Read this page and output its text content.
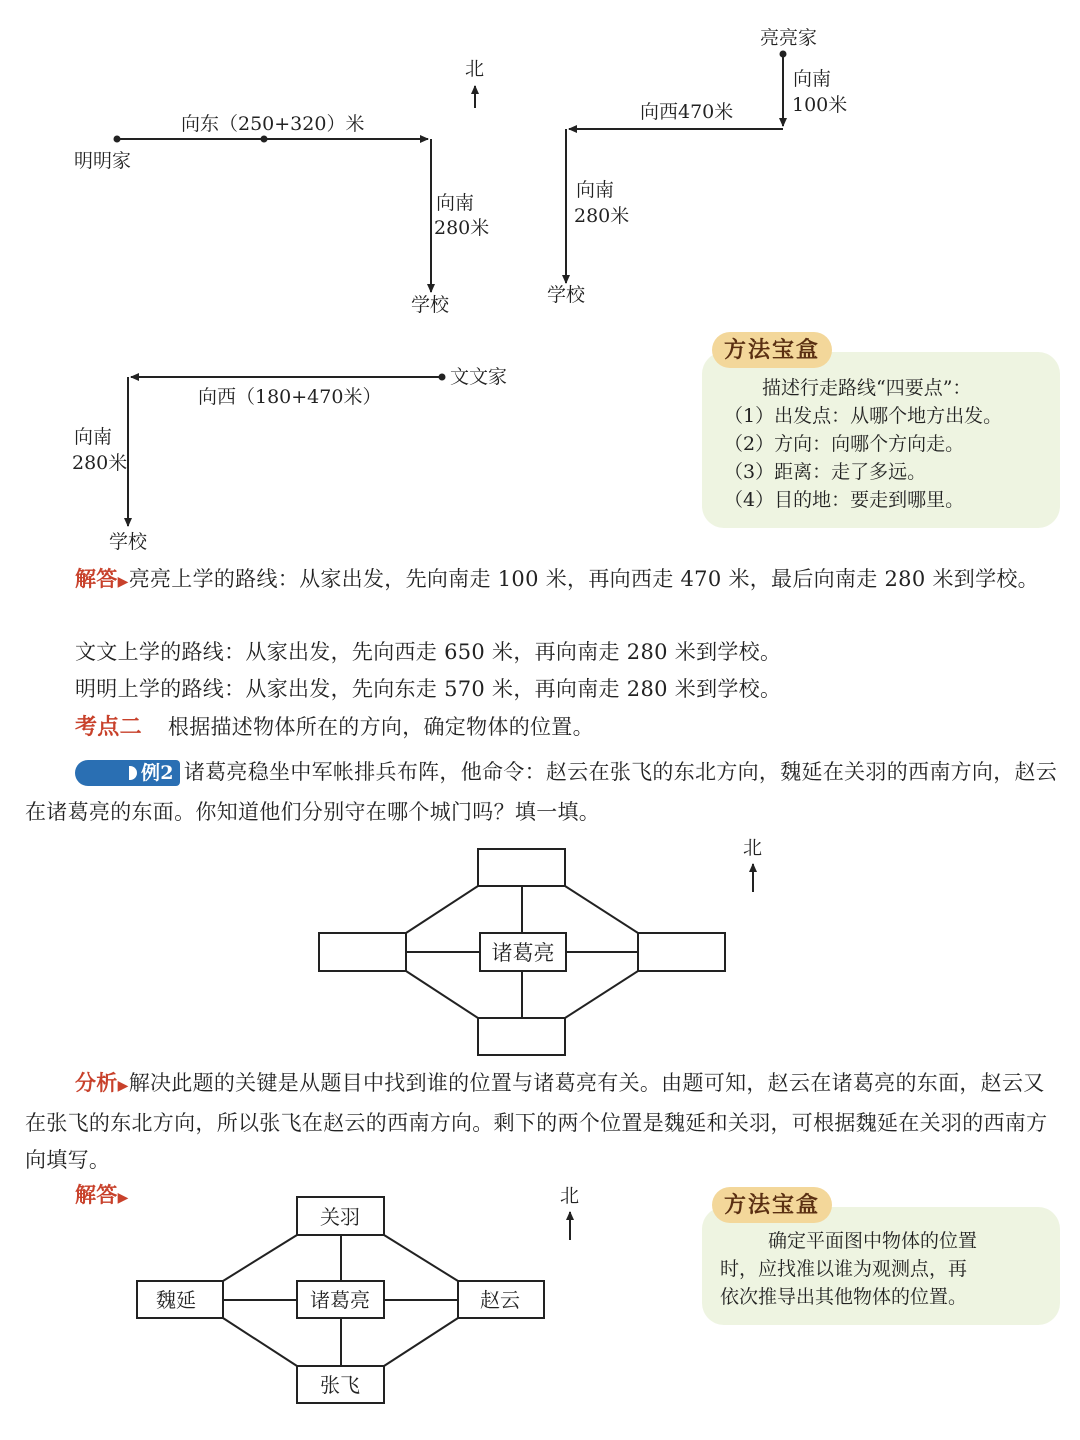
明明家
向东（250+320）米
向南
280米
学校
北
亮亮家
向南
100米
向西470米
向南
280米
学校
文文家
向西（180+470米）
向南
280米
学校
描述行走路线“四要点”：
（1）出发点：从哪个地方出发。
（2）方向：向哪个方向走。
（3）距离：走了多远。
（4）目的地：要走到哪里。
方法宝盒
解答▶亮亮上学的路线：从家出发，先向南走 100 米，再向西走 470 米，最后向南走 280 米到学校。
文文上学的路线：从家出发，先向西走 650 米，再向南走 280 米到学校。
明明上学的路线：从家出发，先向东走 570 米，再向南走 280 米到学校。
考点二 根据描述物体所在的方向，确定物体的位置。
例2 诸葛亮稳坐中军帐排兵布阵，他命令：赵云在张飞的东北方向，魏延在关羽的西南方向，赵云在诸葛亮的东面。你知道他们分别守在哪个城门吗？填一填。
诸葛亮
北
分析▶解决此题的关键是从题目中找到谁的位置与诸葛亮有关。由题可知，赵云在诸葛亮的东面，赵云又在张飞的东北方向，所以张飞在赵云的西南方向。剩下的两个位置是魏延和关羽，可根据魏延在关羽的西南方向填写。
解答▶
关羽
魏延	诸葛亮	赵云
张飞
北
确定平面图中物体的位置
时，应找准以谁为观测点，再
依次推导出其他物体的位置。
方法宝盒
